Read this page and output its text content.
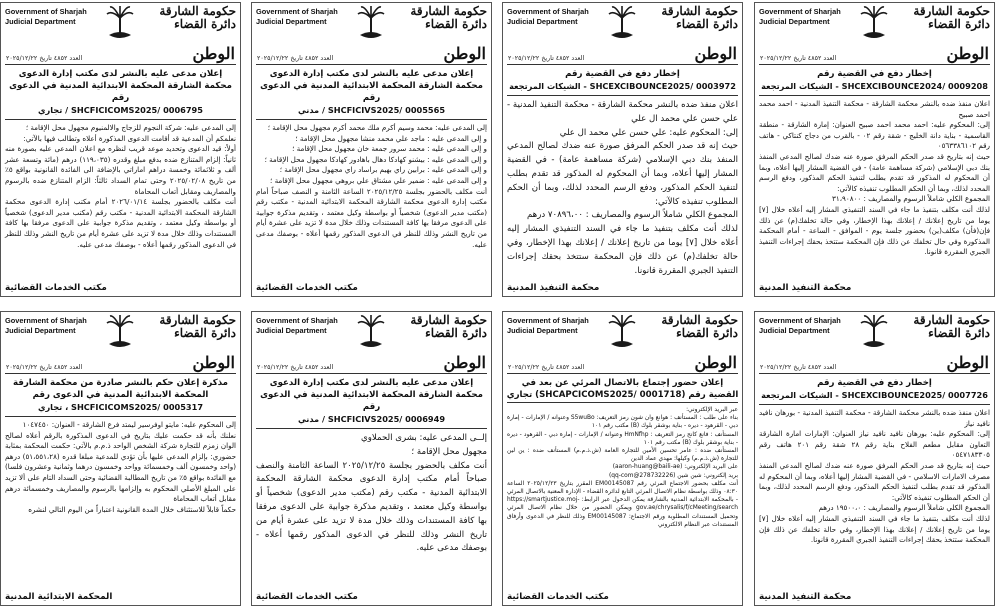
Government of Sharjah
Judicial Department
حكومة الشارقة
دائرة القضاء
الوطن
العدد ٤٨٥٢ تاريخ ٢٠٢٥/١٢/٢٢
إخطار دفع في القضية رقم
SHCEXCIBOUNCE2024/ 0009208 - الشيكات المرتجعة
اعلان منفذ ضده بالنشر محكمة الشارقة - محكمة التنفيذ المدنية - احمد محمد احمد صبيح
إلى: المحكوم عليه: احمد محمد احمد صبيح العنوان: إمارة الشارقة - منطقة القاسمية - بناية دانة الخليج - شقة رقم ٠٢ - بالقرب من دجاج كنتاكي - هاتف رقم ٠٥٦٣٣٨٦١٠٢
حيث إنه بتاريخ قد صدر الحكم المرفق صورة عنه ضدك لصالح المدعي المنفذ بنك دبي الإسلامي (شركة مساهمة عامة) - في القضية المشار إليها أعلاه، وبما أن المحكوم له المذكور قد تقدم بطلب لتنفيذ الحكم المذكور، ودفع الرسم المحدد لذلك، وبما أن الحكم المطلوب تنفيذه كالآتي:
المجموع الكلي شاملاً الرسوم والمصاريف : ٣١،٩٠٨٠٠
لذلك أنت مكلف بتنفيذ ما جاء في السند التنفيذي المشار إليه أعلاه خلال [٧] يوما من تاريخ إعلانك / إعلانك بهذا الإخطار، وفي حالة تخلفك(م) عن ذلك فإن(فأن) مكلف(ين) بحضور جلسة يوم - الموافق - الساعة - أمام المحكمة المذكورة وفي حال تخلفك عن ذلك فإن المحكمة ستتخذ بحقك إجراءات التنفيذ الجبري المقررة قانونا.
محكمة التنفيذ المدنية
Government of Sharjah
Judicial Department
حكومة الشارقة
دائرة القضاء
الوطن
العدد ٤٨٥٢ تاريخ ٢٠٢٥/١٢/٢٢
إخطار دفع في القضية رقم
SHCEXCIBOUNCE2025/ 0003972 - الشيكات المرتجعة
اعلان منفذ ضده بالنشر محكمة الشارقة - محكمة التنفيذ المدنية - علي حسن علي محمد ال علي
إلى: المحكوم عليه: علي حسن علي محمد ال علي
حيث إنه قد صدر الحكم المرفق صورة عنه ضدك لصالح المدعي المنفذ بنك دبي الإسلامي (شركة مساهمة عامة) - في القضية المشار إليها أعلاه، وبما أن المحكوم له المذكور قد تقدم بطلب لتنفيذ الحكم المذكور، ودفع الرسم المحدد لذلك، وبما أن الحكم المطلوب تنفيذه كالآتي:
المجموع الكلي شاملاً الرسوم والمصاريف : ٧٠٨٩٦،٠٠ درهم
لذلك أنت مكلف بتنفيذ ما جاء في السند التنفيذي المشار إليه أعلاه خلال [٧] يوما من تاريخ إعلانك / إعلانك بهذا الإخطار، وفي حالة تخلفك(م) عن ذلك فإن المحكمة ستتخذ بحقك إجراءات التنفيذ الجبري المقررة قانونا.
محكمة التنفيذ المدنية
Government of Sharjah
Judicial Department
حكومة الشارقة
دائرة القضاء
الوطن
العدد ٤٨٥٢ تاريخ ٢٠٢٥/١٢/٢٢
إعلان مدعى عليه بالنشر لدى مكتب إدارة الدعوى محكمة الشارقة المحكمة الابتدائية المدنية في الدعوى رقم
SHCFICIVS2025/ 0005565 / مدني
إلى المدعى عليه: محمد وسيم أكرم ملك محمد أكرم مجهول محل الإقامة ؛
و إلى المدعى عليه : ماجد علي محمد منشا مجهول محل الإقامة ؛
و إلى المدعى عليه : محمد سرور جمعة خان مجهول محل الإقامة ؛
و إلى المدعى عليه : بيشنو كهادكا دهال باهادور كهادكا مجهول محل الإقامة ؛
و إلى المدعى عليه : برابين راي بهيم براساد راي مجهول محل الإقامة ؛
و إلى المدعى عليه : ضمير علي مشتاق علي بروهي مجهول محل الإقامة ؛
أنت مكلف بالحضور بجلسة ٢٠٢٥/١٢/٢٥ الساعة الثامنة و النصف صباحاً أمام مكتب إدارة الدعوى محكمة الشارقة المحكمة الابتدائية المدنية - مكتب رقم (مكتب مدير الدعوى) شخصياً أو بواسطة وكيل معتمد ، وتقديم مذكرة جوابية على الدعوى مرفقا بها كافة المستندات وذلك خلال مدة لا تزيد على عشرة أيام من تاريخ النشر وذلك للنظر في الدعوى المذكور رقمها أعلاه - بوصفك مدعى عليه.
مكتب الخدمات القضائية
Government of Sharjah
Judicial Department
حكومة الشارقة
دائرة القضاء
الوطن
العدد ٤٨٥٢ تاريخ ٢٠٢٥/١٢/٢٢
إعلان مدعى عليه بالنشر لدى مكتب إدارة الدعوى محكمة الشارقة المحكمة الابتدائية المدنية في الدعوى رقم
SHCFICICOMS2025/ 0006795 / تجاري
إلى المدعى عليه: شركة النجوم للزجاج والالمنيوم مجهول محل الإقامة ؛
نعلمكم أن المدعية قد أقامت الدعوى المذكورة أعلاه وتطالب فيها بالآتي:
أولاً: قيد الدعوى وتحديد موعد قريب لنظره مع اعلان المدعى عليه بصورة منه ثانياً: إلزام المتنازع ضده بدفع مبلغ وقدره (١١٩،٠٣٥) درهم (مائة وتسعة عشر ألف و ثلاثمائة وخمسة دراهم اماراتي بالإضافة الى الفائدة القانونية بواقع ٥٪ من تاريخ ٢٠٢٥/٠٢/٠٨ وحتى تمام السداد ثالثاً: الزام المتنازع ضده بالرسوم والمصاريف ومقابل أتعاب المحاماة
أنت مكلف بالحضور بجلسة ٢٠٢٦/٠١/١٤ أمام مكتب إدارة الدعوى محكمة الشارقة المحكمة الابتدائية المدنية - مكتب رقم (مكتب مدير الدعوى) شخصياً أو بواسطة وكيل معتمد ، وتقديم مذكرة جوابية على الدعوى مرفقا بها كافة المستندات وذلك خلال مدة لا تزيد على عشرة أيام من تاريخ النشر وذلك للنظر في الدعوى المذكور رقمها أعلاه - بوصفك مدعى عليه.
مكتب الخدمات القضائية
Government of Sharjah
Judicial Department
حكومة الشارقة
دائرة القضاء
الوطن
العدد ٤٨٥٢ تاريخ ٢٠٢٥/١٢/٢٢
إخطار دفع في القضية رقم
SHCEXCIBOUNCE2025/ 0007726 - الشيكات المرتجعة
اعلان منفذ ضده بالنشر محكمة الشارقة - محكمة التنفيذ المدنية - بورهان نافيد نافيد نياز
إلى: المحكوم عليه: بورهان نافيد نافيد نياز العنوان: الإمارات امارة الشارقة التعاون مقابل مطعم الفلاح بناية رقم ٢٨ شقة رقم ٢٠١ هاتف رقم ٠٥٤٧١٨٣٣٠٥
حيث إنه بتاريخ قد صدر الحكم المرفق صورة عنه ضدك لصالح المدعي المنفذ مصرف الامارات الاسلامي - في القضية المشار إليها أعلاه، وبما أن المحكوم له المذكور قد تقدم بطلب لتنفيذ الحكم المذكور، ودفع الرسم المحدد لذلك، وبما أن الحكم المطلوب تنفيذه كالآتي:
المجموع الكلي شاملاً الرسوم والمصاريف : ١٩٥٠٠،٠ درهم
لذلك أنت مكلف بتنفيذ ما جاء في السند التنفيذي المشار إليه أعلاه خلال [٧] يوما من تاريخ إعلانك / إعلانك بهذا الإخطار، وفي حالة تخلفك عن ذلك فإن المحكمة ستتخذ بحقك إجراءات التنفيذ الجبري المقررة قانونا.
محكمة التنفيذ المدنية
Government of Sharjah
Judicial Department
حكومة الشارقة
دائرة القضاء
الوطن
العدد ٤٨٥٢ تاريخ ٢٠٢٥/١٢/٢٢
إعلان حضور إجتماع بالاتصال المرئي عن بعد في القضية رقم (SHCAPCICOMS2025/ 0001718) تجاري
عبر البريد الإلكتروني:
بناء على طلب : المستأنف : هوانغ وان شون رمز التعريف: S5wuBo وعنوانه / الإمارات - إمارة دبي - القرهود - ديره - بناية بوشقر بلوك (B) مكتب رقم ١٠١
المستأنف : فانغ كانج رمز التعريف : HmNfhp وعنوانه / الإمارات - إمارة دبي - القرهود - ديره - بناية بوشقر بلوك (B) مكتب رقم ١٠١
المستأنف ضده : عامر تحسين الأمين للتجارة العامة (ش.ذ.م.م) المستأنف ضده : ين لين للتجارة (ش.ذ.م.م) وكيلها: مهدي عماد الدين
على البريد الإلكتروني: (aaron-huang@baili-ae)
بريد إلكتروني: شين شين (qq-com@278732226)
أنت مكلف بحضور الاجتماع المرئي رقم EM00145087 المقرر بتاريخ ٢٠٢٥/١٢/٢٣ الساعة ٠٨:٣٠ وذلك بواسطة نظام الاتصال المرئي التابع لدائرة القضاء - الإدارة المعنية بالاتصال المرئي - بالمحكمة الابتدائية المدنية بالشارقة يمكن الدخول عبر الرابط: https://smartjustice.moj-gov.ae/chrysalis/f/cMeeting/search ويمكن الحضور من خلال نظام الاتصال المرئي وتحميل المستندات المطلوبة ورقم الاجتماع: EM00145087 وذلك للنظر في الدعوى وأرفاق المستندات عبر النظام الالكتروني
مكتب الخدمات القضائية
Government of Sharjah
Judicial Department
حكومة الشارقة
دائرة القضاء
الوطن
العدد ٤٨٥٢ تاريخ ٢٠٢٥/١٢/٢٢
إعلان مدعى عليه بالنشر لدى مكتب إدارة الدعوى محكمة الشارقة المحكمة الابتدائية المدنية في الدعوى رقم
SHCFICIVS2025/ 0006949 / مدني
إلــى المدعى عليه: بشرى الحملاوي
مجهول محل الإقامة ؛
أنت مكلف بالحضور بجلسة ٢٠٢٥/١٢/٢٥ الساعة الثامنة والنصف صباحاً أمام مكتب إدارة الدعوى محكمة الشارقة المحكمة الابتدائية المدنية - مكتب رقم (مكتب مدير الدعوى) شخصياً أو بواسطة وكيل معتمد ، وتقديم مذكرة جوابية على الدعوى مرفقا بها كافة المستندات وذلك خلال مدة لا تزيد على عشرة أيام من تاريخ النشر وذلك للنظر في الدعوى المذكور رقمها أعلاه - بوصفك مدعى عليه.
مكتب الخدمات القضائية
Government of Sharjah
Judicial Department
حكومة الشارقة
دائرة القضاء
الوطن
العدد ٤٨٥٢ تاريخ ٢٠٢٥/١٢/٢٢
مذكرة إعلان حكم بالنشر صادرة من محكمة الشارقة المحكمة الابتدائية المدنية في الدعوى رقم
SHCFICICOMS2025/ 0005317 ، تجاري
إلى المحكوم عليه: مايتو اوفرسير ليمتد فرع الشارقة - العنوان: ١٠٤٧٤٥٠
نعلنك بأنه قد حكمت عليك بتاريخ في الدعوى المذكورة بالرقم أعلاه لصالح الوان زمزم للتجارة شركة الشخص الواحد ذ.م.م بالآتي: حكمت المحكمة بمثابة حضوري: بإلزام المدعى عليها بأن تؤدي للمدعية مبلغا قدره (٥١،٥٥١،٢٨) درهم (واحد وخمسون ألف وخمسمائة وواحد وخمسون درهما وثمانية وعشرون فلسا) مع الفائدة بواقع ٥٪ من تاريخ المطالبة القضائية وحتى السداد التام على ألا تزيد على المبلغ الأصلي المحكوم به وإلزامها بالرسوم والمصاريف وخمسمائة درهم مقابل أتعاب المحاماة
حكماً قابلاً للاستئناف خلال المدة القانونية اعتباراً من اليوم التالي لنشره
المحكمة الابتدائية المدنية
